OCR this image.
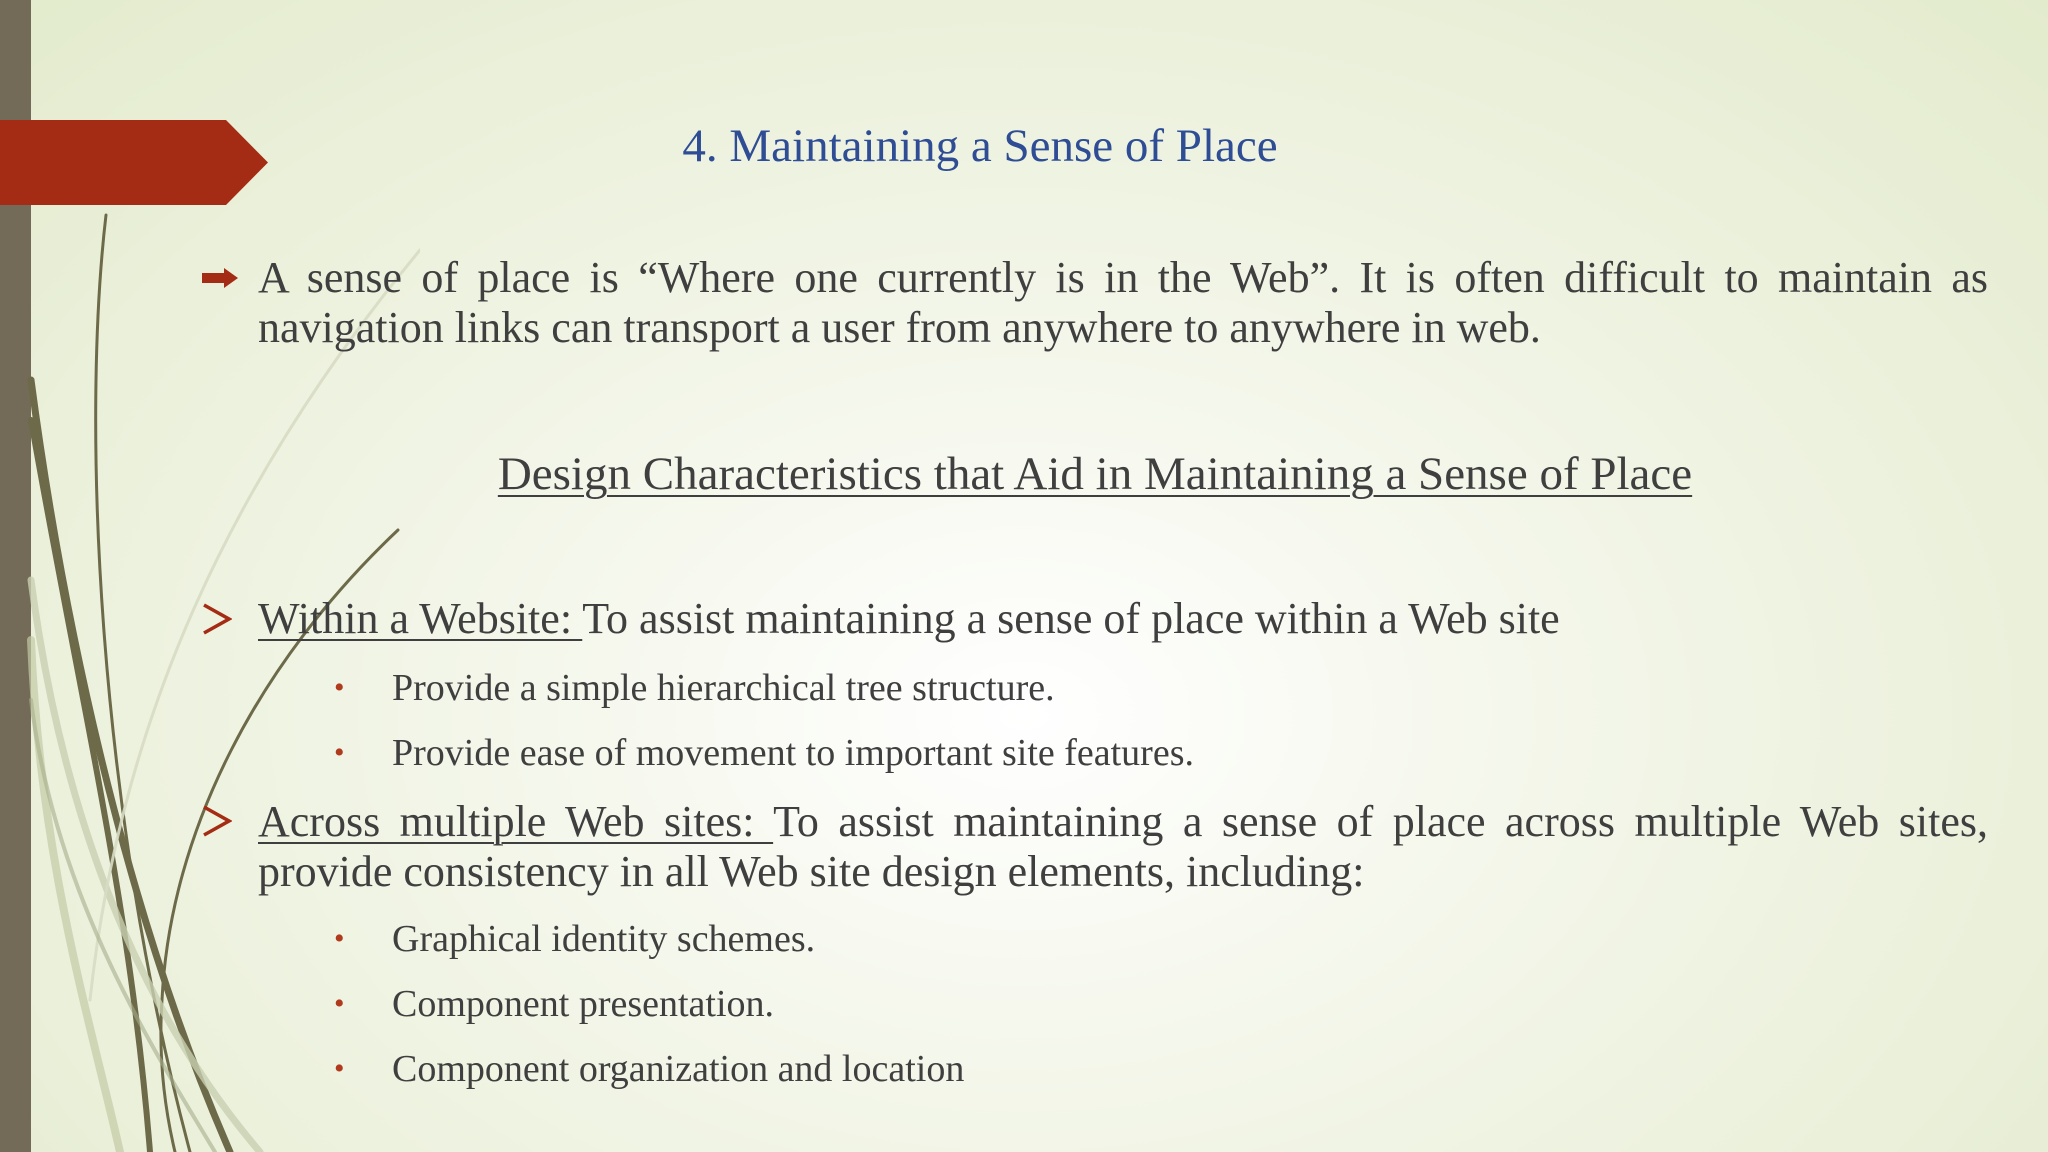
4. Maintaining a Sense of Place

A sense of place is “Where one currently is in the Web”. It is often difficult to maintain as navigation links can transport a user from anywhere to anywhere in web.

Design Characteristics that Aid in Maintaining a Sense of Place

Within a Website: To assist maintaining a sense of place within a Web site

• Provide a simple hierarchical tree structure.
• Provide ease of movement to important site features.

Across multiple Web sites: To assist maintaining a sense of place across multiple Web sites, provide consistency in all Web site design elements, including:

• Graphical identity schemes.
• Component presentation.
• Component organization and location
